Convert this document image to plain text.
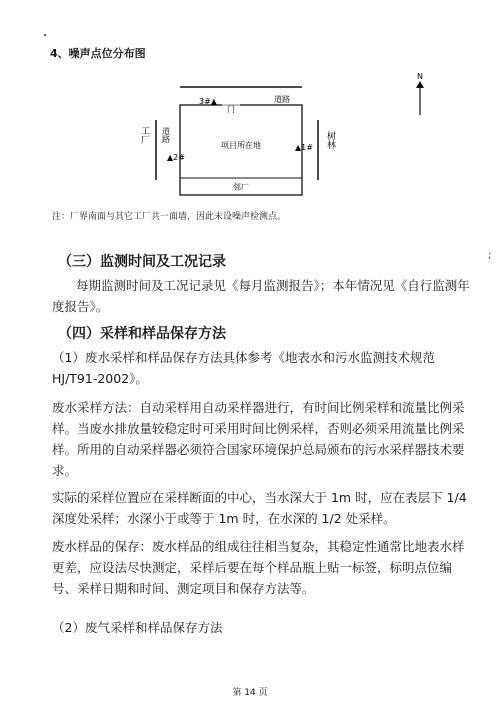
4、噪声点位分布图
N
3#▲
门
道路
道路
▲2#
项目所在地	▲1# 树林
工厂
邻厂
注：厂界南面与其它工厂共一面墙，因此未设噪声检测点。
（三）监测时间及工况记录
每期监测时间及工况记录见《每月监测报告》；本年情况见《自行监测年度报告》。
（四）采样和样品保存方法
（1）废水采样和样品保存方法具体参考《地表水和污水监测技术规范
HJ/T91-2002》。
废水采样方法：自动采样用自动采样器进行，有时间比例采样和流量比例采样。当废水排放量较稳定时可采用时间比例采样，否则必须采用流量比例采样。所用的自动采样器必须符合国家环境保护总局颁布的污水采样器技术要求。
实际的采样位置应在采样断面的中心，当水深大于 1m 时，应在表层下 1/4 深度处采样；水深小于或等于 1m 时，在水深的 1/2 处采样。
废水样品的保存：废水样品的组成往往相当复杂，其稳定性通常比地表水样更差，应设法尽快测定，采样后要在每个样品瓶上贴一标签，标明点位编号、采样日期和时间、测定项目和保存方法等。
（2）废气采样和样品保存方法
;
第 14 页
